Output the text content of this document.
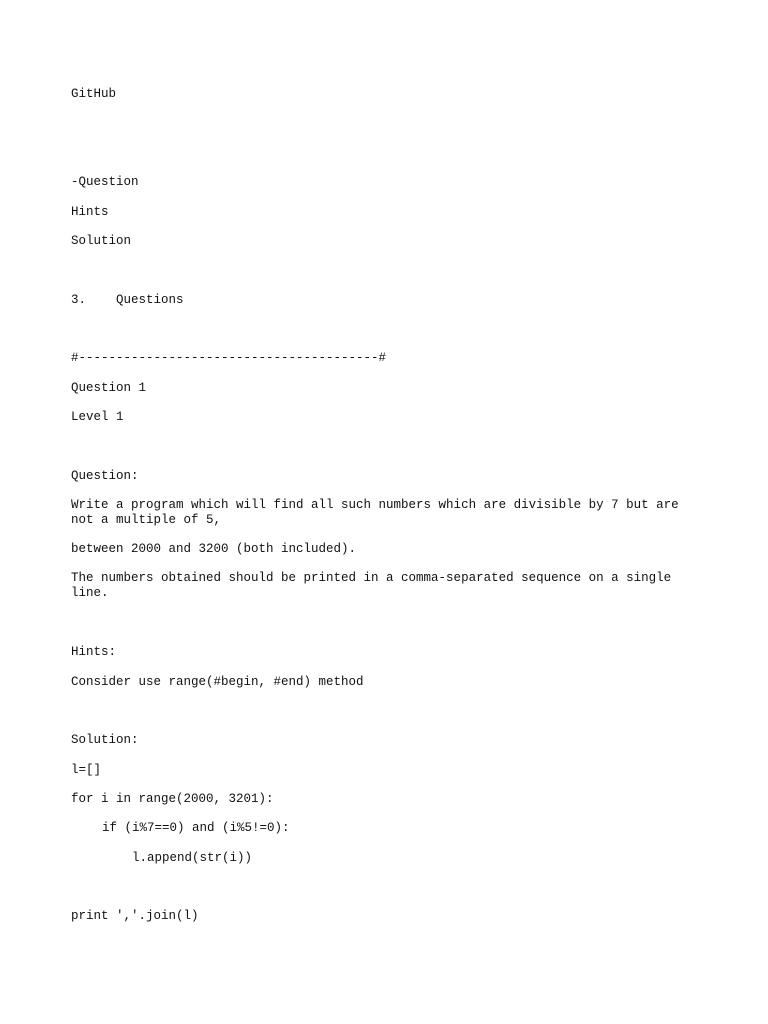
GitHub

-Question

Hints

Solution

3. Questions

#----------------------------------------#

Question 1

Level 1

Question:

Write a program which will find all such numbers which are divisible by 7 but are not a multiple of 5,

between 2000 and 3200 (both included).

The numbers obtained should be printed in a comma-separated sequence on a single line.

Hints:

Consider use range(#begin, #end) method

Solution:

l=[]

for i in range(2000, 3201):

if (i%7==0) and (i%5!=0):

l.append(str(i))

print ','.join(l)
